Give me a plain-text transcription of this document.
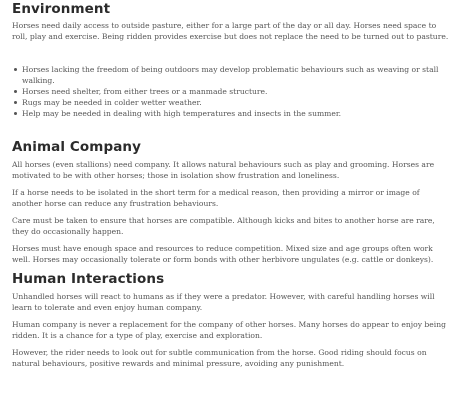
Environment

Horses need daily access to outside pasture, either for a large part of the day or all day. Horses need space to roll, play and exercise. Being ridden provides exercise but does not replace the need to be turned out to pasture.

Horses lacking the freedom of being outdoors may develop problematic behaviours such as weaving or stall walking.
Horses need shelter, from either trees or a manmade structure.
Rugs may be needed in colder wetter weather.
Help may be needed in dealing with high temperatures and insects in the summer.
Animal Company

All horses (even stallions) need company. It allows natural behaviours such as play and grooming. Horses are motivated to be with other horses; those in isolation show frustration and loneliness.

If a horse needs to be isolated in the short term for a medical reason, then providing a mirror or image of another horse can reduce any frustration behaviours.

Care must be taken to ensure that horses are compatible. Although kicks and bites to another horse are rare, they do occasionally happen.

Horses must have enough space and resources to reduce competition. Mixed size and age groups often work well. Horses may occasionally tolerate or form bonds with other herbivore ungulates (e.g. cattle or donkeys).

Human Interactions

Unhandled horses will react to humans as if they were a predator. However, with careful handling horses will learn to tolerate and even enjoy human company.

Human company is never a replacement for the company of other horses. Many horses do appear to enjoy being ridden. It is a chance for a type of play, exercise and exploration.

However, the rider needs to look out for subtle communication from the horse. Good riding should focus on natural behaviours, positive rewards and minimal pressure, avoiding any punishment.
